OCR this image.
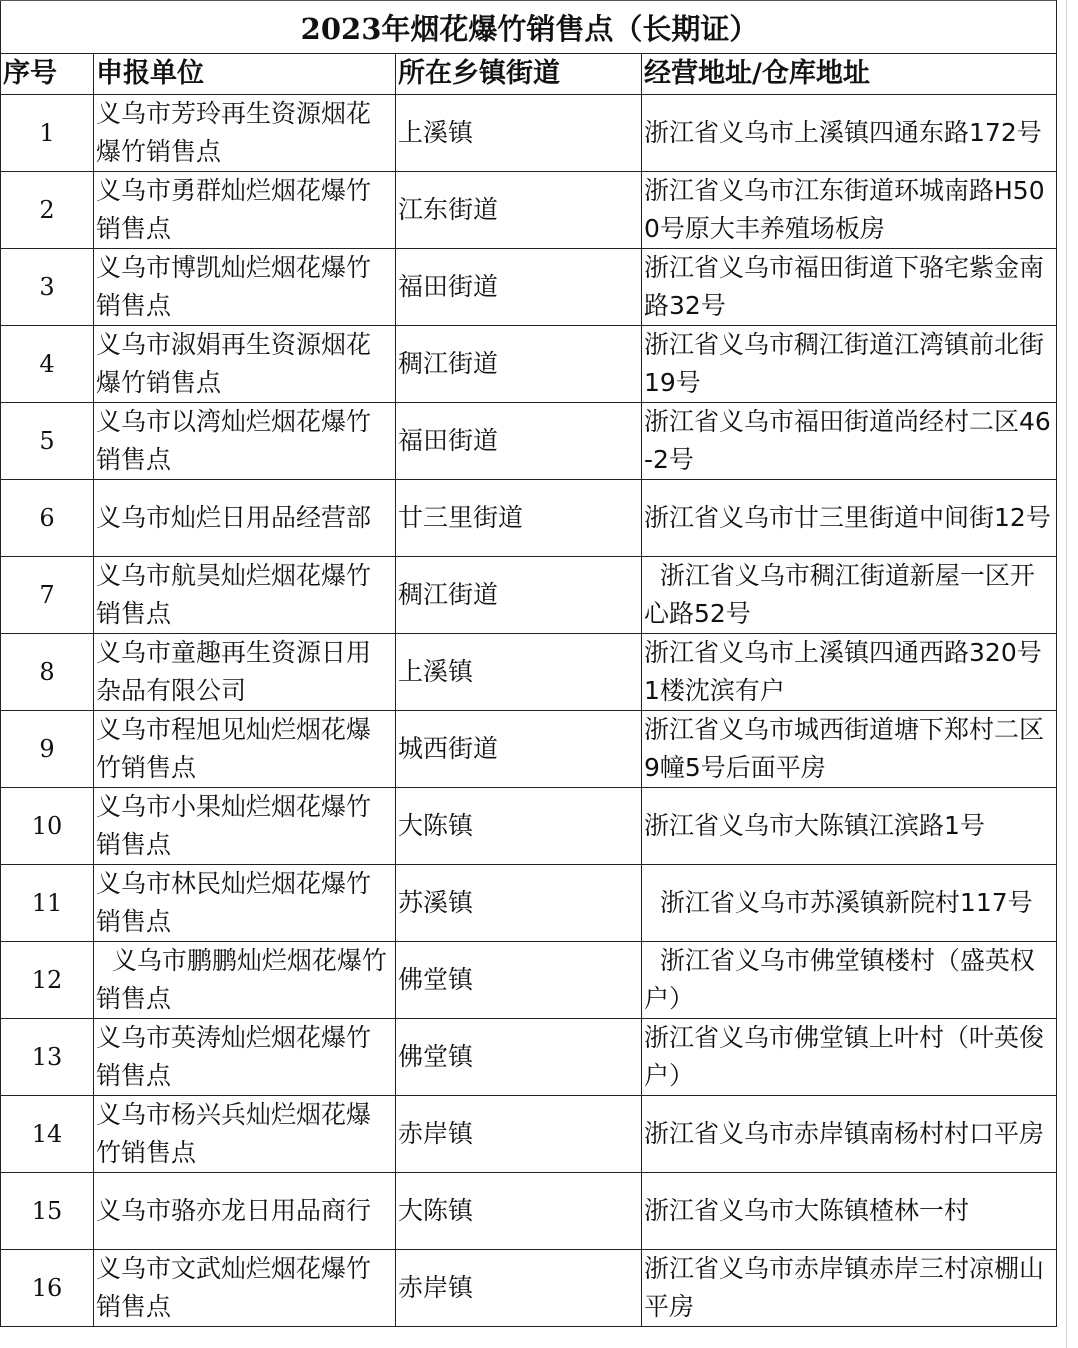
2023年烟花爆竹销售点（长期证）			
序号	申报单位	所在乡镇街道	经营地址/仓库地址

1	义乌市芳玲再生资源烟花爆竹销售点	上溪镇	浙江省义乌市上溪镇四通东路172号

2	义乌市勇群灿烂烟花爆竹销售点	江东街道	浙江省义乌市江东街道环城南路H500号原大丰养殖场板房

3	义乌市博凯灿烂烟花爆竹销售点	福田街道	浙江省义乌市福田街道下骆宅紫金南路32号

4	义乌市淑娟再生资源烟花爆竹销售点	稠江街道	浙江省义乌市稠江街道江湾镇前北街19号

5	义乌市以湾灿烂烟花爆竹销售点	福田街道	浙江省义乌市福田街道尚经村二区46-2号

6	义乌市灿烂日用品经营部	廿三里街道	浙江省义乌市廿三里街道中间街12号

7	义乌市航昊灿烂烟花爆竹销售点	稠江街道	浙江省义乌市稠江街道新屋一区开心路52号

8	义乌市童趣再生资源日用杂品有限公司	上溪镇	浙江省义乌市上溪镇四通西路320号1楼沈滨有户

9	义乌市程旭见灿烂烟花爆竹销售点	城西街道	浙江省义乌市城西街道塘下郑村二区9幢5号后面平房

10	义乌市小果灿烂烟花爆竹销售点	大陈镇	浙江省义乌市大陈镇江滨路1号

11	义乌市林民灿烂烟花爆竹销售点	苏溪镇	浙江省义乌市苏溪镇新院村117号

12	义乌市鹏鹏灿烂烟花爆竹销售点	佛堂镇	浙江省义乌市佛堂镇楼村（盛英权户）

13	义乌市英涛灿烂烟花爆竹销售点	佛堂镇	浙江省义乌市佛堂镇上叶村（叶英俊户）

14	义乌市杨兴兵灿烂烟花爆竹销售点	赤岸镇	浙江省义乌市赤岸镇南杨村村口平房

15	义乌市骆亦龙日用品商行	大陈镇	浙江省义乌市大陈镇楂林一村

16	义乌市文武灿烂烟花爆竹销售点	赤岸镇	浙江省义乌市赤岸镇赤岸三村凉棚山平房
